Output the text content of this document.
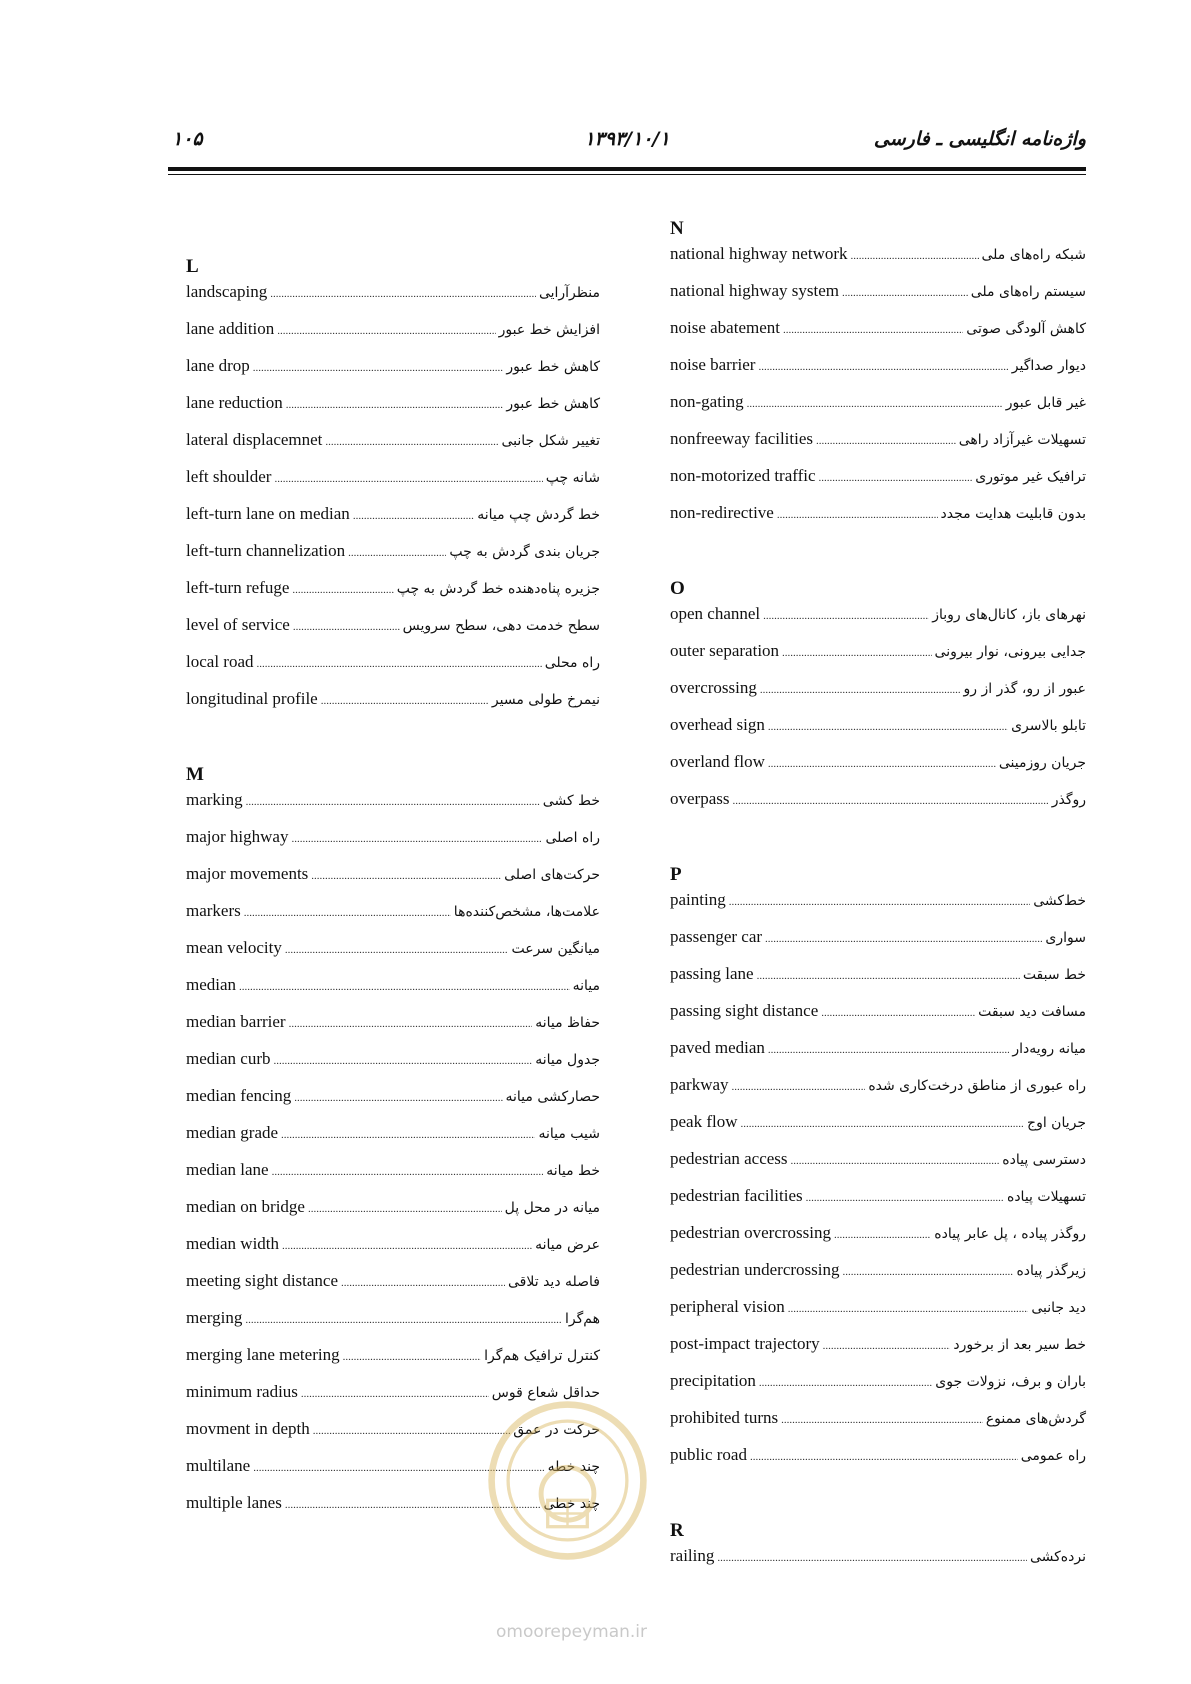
۱۰۵	۱۳۹۳/۱۰/۱	واژه‌نامه انگلیسی ـ فارسی
L
landscaping .....	منظرآرایی
lane addition .....	افزایش خط عبور
lane drop .....	کاهش خط عبور
lane reduction .....	کاهش خط عبور
lateral displacemnet .....	تغییر شکل جانبی
left shoulder .....	شانه چپ
left-turn lane on median .....	خط گردش چپ میانه
left-turn channelization .....	جریان بندی گردش به چپ
left-turn refuge .....	جزیره پناه‌دهنده خط گردش به چپ
level of service .....	سطح خدمت دهی، سطح سرویس
local road .....	راه محلی
longitudinal profile .....	نیمرخ طولی مسیر
M
marking .....	خط کشی
major highway .....	راه اصلی
major movements .....	حرکت‌های اصلی
markers .....	علامت‌ها، مشخص‌کننده‌ها
mean velocity .....	میانگین سرعت
median .....	میانه
median barrier .....	حفاظ میانه
median curb .....	جدول میانه
median fencing .....	حصارکشی میانه
median grade .....	شیب میانه
median lane .....	خط میانه
median on bridge .....	میانه در محل پل
median width .....	عرض میانه
meeting sight distance .....	فاصله دید تلاقی
merging .....	هم‌گرا
merging lane metering .....	کنترل ترافیک هم‌گرا
minimum radius .....	حداقل شعاع قوس
movment in depth .....	حرکت در عمق
multilane .....	چند خطه
multiple lanes .....	چند خطی
N
national highway network .....	شبکه راه‌های ملی
national highway system .....	سیستم راه‌های ملی
noise abatement .....	کاهش آلودگی صوتی
noise barrier .....	دیوار صداگیر
non-gating .....	غیر قابل عبور
nonfreeway facilities .....	تسهیلات غیرآزاد راهی
non-motorized traffic .....	ترافیک غیر موتوری
non-redirective .....	بدون قابلیت هدایت مجدد
O
open channel .....	نهرهای باز، کانال‌های روباز
outer separation .....	جدایی بیرونی، نوار بیرونی
overcrossing .....	عبور از رو، گذر از رو
overhead sign .....	تابلو بالاسری
overland flow .....	جریان روزمینی
overpass .....	روگذر
P
painting .....	خط‌کشی
passenger car .....	سواری
passing lane .....	خط سبقت
passing sight distance .....	مسافت دید سبقت
paved median .....	میانه رویه‌دار
parkway .....	راه عبوری از مناطق درخت‌کاری شده
peak flow .....	جریان اوج
pedestrian access .....	دسترسی پیاده
pedestrian facilities .....	تسهیلات پیاده
pedestrian overcrossing .....	روگذر پیاده ، پل عابر پیاده
pedestrian undercrossing .....	زیرگذر پیاده
peripheral vision .....	دید جانبی
post-impact trajectory .....	خط سیر بعد از برخورد
precipitation .....	باران و برف، نزولات جوی
prohibited turns .....	گردش‌های ممنوع
public road .....	راه عمومی
R
railing .....	نرده‌کشی
omoorepeyman.ir
